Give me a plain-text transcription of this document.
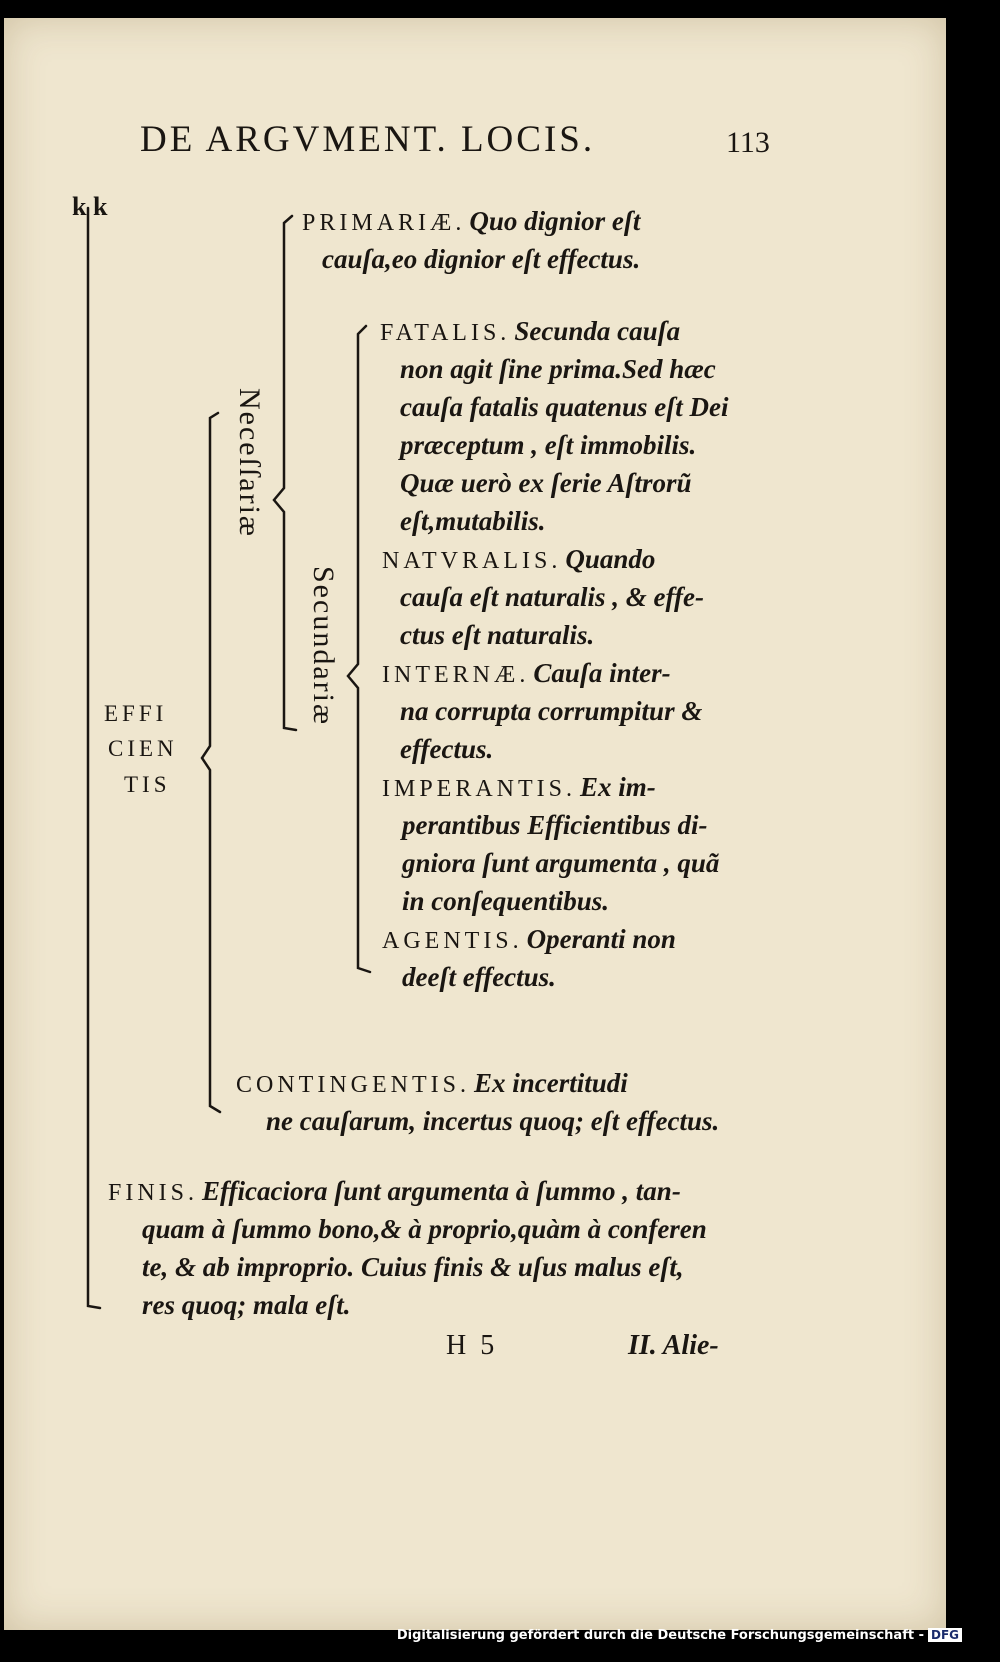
DE ARGVMENT. LOCIS.	113
k k
EFFI
CIEN
TIS
Neceſſariæ
Secundariæ
PRIMARIÆ. Quo dignior eſt
cauſa,eo dignior eſt effectus.
FATALIS. Secunda cauſa
non agit ſine prima.Sed hæc
cauſa fatalis quatenus eſt Dei
præceptum , eſt immobilis.
Quæ uerò ex ſerie Aſtrorũ
eſt,mutabilis.
NATVRALIS. Quando
cauſa eſt naturalis , & effe-
ctus eſt naturalis.
INTERNÆ. Cauſa inter-
na corrupta corrumpitur &
effectus.
IMPERANTIS. Ex im-
perantibus Efficientibus di-
gniora ſunt argumenta , quã
in conſequentibus.
AGENTIS. Operanti non
deeſt effectus.
CONTINGENTIS. Ex incertitudi
ne cauſarum, incertus quoq; eſt effectus.
FINIS. Efficaciora ſunt argumenta à ſummo , tan-
quam à ſummo bono,& à proprio,quàm à conferen
te, & ab improprio. Cuius finis & uſus malus eſt,
res quoq; mala eſt.
H  5	II. Alie-
Digitalisierung gefördert durch die Deutsche Forschungsgemeinschaft - DFG
